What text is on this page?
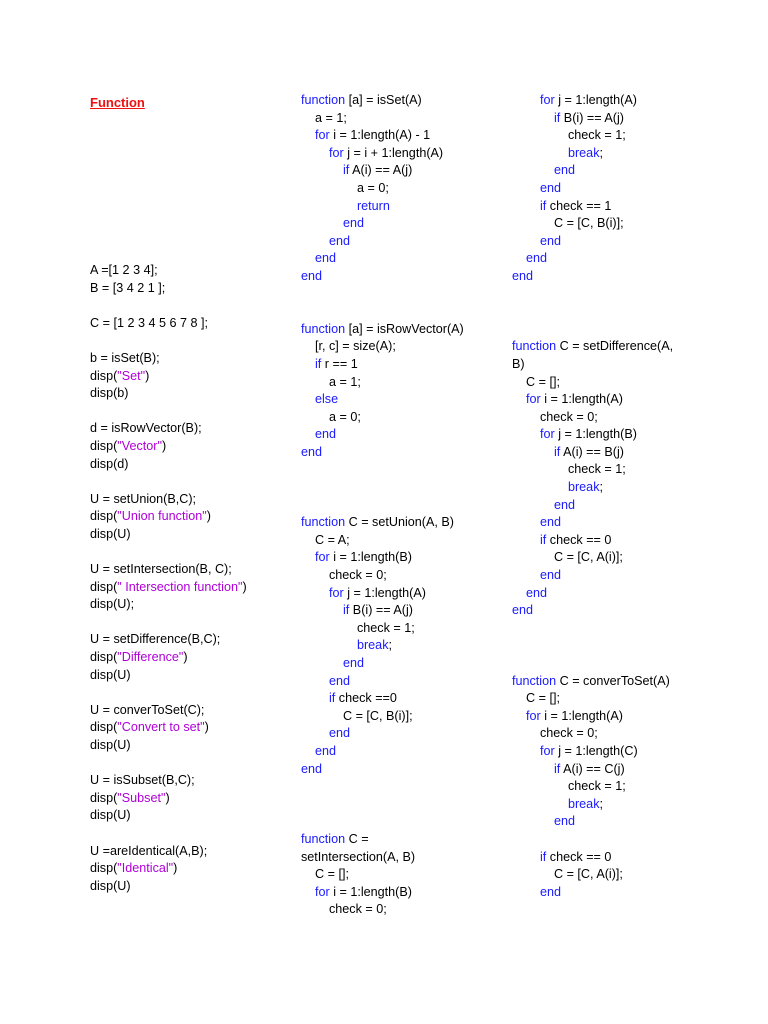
Function
A =[1 2 3 4];
B = [3 4 2 1 ];
C = [1 2 3 4 5 6 7 8 ];
b = isSet(B);
disp("Set")
disp(b)
d = isRowVector(B);
disp("Vector")
disp(d)
U = setUnion(B,C);
disp("Union function")
disp(U)
U = setIntersection(B, C);
disp(" Intersection function")
disp(U);
U = setDifference(B,C);
disp("Difference")
disp(U)
U = converToSet(C);
disp("Convert to set")
disp(U)
U = isSubset(B,C);
disp("Subset")
disp(U)
U =areIdentical(A,B);
disp("Identical")
disp(U)
function [a] = isSet(A)
a = 1;
for i = 1:length(A) - 1
for j = i + 1:length(A)
if A(i) == A(j)
a = 0;
return
end
end
end
end
function [a] = isRowVector(A)
[r, c] = size(A);
if r == 1
a = 1;
else
a = 0;
end
end
function C = setUnion(A, B)
C = A;
for i = 1:length(B)
check = 0;
for j = 1:length(A)
if B(i) == A(j)
check = 1;
break;
end
end
if check ==0
C = [C, B(i)];
end
end
end
function C =
setIntersection(A, B)
C = [];
for i = 1:length(B)
check = 0;
for j = 1:length(A)
if B(i) == A(j)
check = 1;
break;
end
end
if check == 1
C = [C, B(i)];
end
end
end
function C = setDifference(A,
B)
C = [];
for i = 1:length(A)
check = 0;
for j = 1:length(B)
if A(i) == B(j)
check = 1;
break;
end
end
if check == 0
C = [C, A(i)];
end
end
end
function C = converToSet(A)
C = [];
for i = 1:length(A)
check = 0;
for j = 1:length(C)
if A(i) == C(j)
check = 1;
break;
end
if check == 0
C = [C, A(i)];
end
